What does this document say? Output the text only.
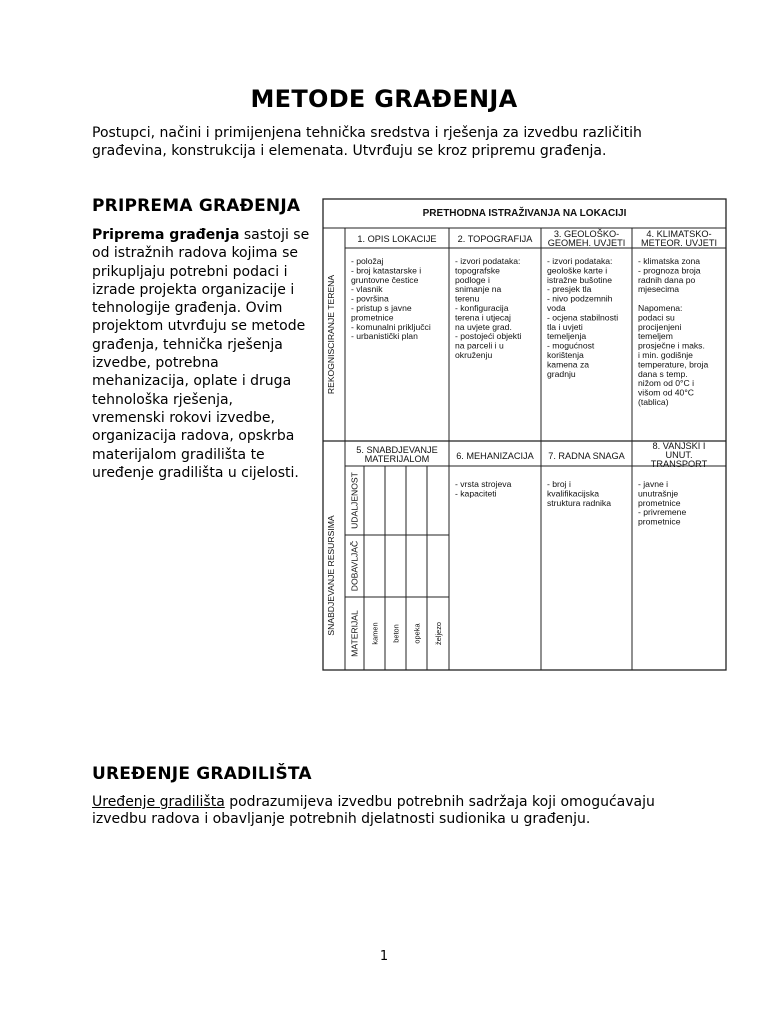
METODE GRAĐENJA
Postupci, načini i primijenjena tehnička sredstva i rješenja za izvedbu različitih građevina, konstrukcija i elemenata. Utvrđuju se kroz pripremu građenja.
PRIPREMA GRAĐENJA
Priprema građenja sastoji se od istražnih radova kojima se prikupljaju potrebni podaci i izrade projekta organizacije i tehnologije građenja. Ovim projektom utvrđuju se metode građenja, tehnička rješenja izvedbe, potrebna mehanizacija, oplate i druga tehnološka rješenja, vremenski rokovi izvedbe, organizacija radova, opskrba materijalom gradilišta te uređenje gradilišta u cijelosti.
PRETHODNA ISTRAŽIVANJA NA LOKACIJI
REKOGNISCIRANJE TERENA
SNABDJEVANJE RESURSIMA
1. OPIS LOKACIJE 2. TOPOGRAFIJA 3. GEOLOŠKO-
GEOMEH. UVJETI
4. KLIMATSKO-
METEOR. UVJETI
- položaj
- broj katastarske i
gruntovne čestice
- vlasnik
- površina
- pristup s javne
prometnice
- komunalni priključci
- urbanistički plan
- izvori podataka:
topografske
podloge i
snimanje na
terenu
- konfiguracija
terena i utjecaj
na uvjete grad.
- postojeći objekti
na parceli i u
okruženju
- izvori podataka:
geološke karte i
istražne bušotine
- presjek tla
- nivo podzemnih
voda
- ocjena stabilnosti
tla i uvjeti
temeljenja
- mogućnost
korištenja
kamena za
gradnju
- klimatska zona
- prognoza broja
radnih dana po
mjesecima
Napomena:
podaci su
procijenjeni
temeljem
prosječne i maks.
i min. godišnje
temperature, broja
dana s temp.
nižom od 0°C i
višom od 40°C
(tablica)
5. SNABDJEVANJE
MATERIJALOM	6. MEHANIZACIJA 7. RADNA SNAGA
8. VANJSKI I
UNUT.
TRANSPORT
- vrsta strojeva
- kapaciteti
- broj i
kvalifikacijska
struktura radnika
- javne i
unutrašnje
prometnice
- privremene
prometnice
UDALJENOST
DOBAVLJAČ
MATERIJAL kamen beton opeka željezo
UREĐENJE GRADILIŠTA
Uređenje gradilišta podrazumijeva izvedbu potrebnih sadržaja koji omogućavaju izvedbu radova i obavljanje potrebnih djelatnosti sudionika u građenju.
1
